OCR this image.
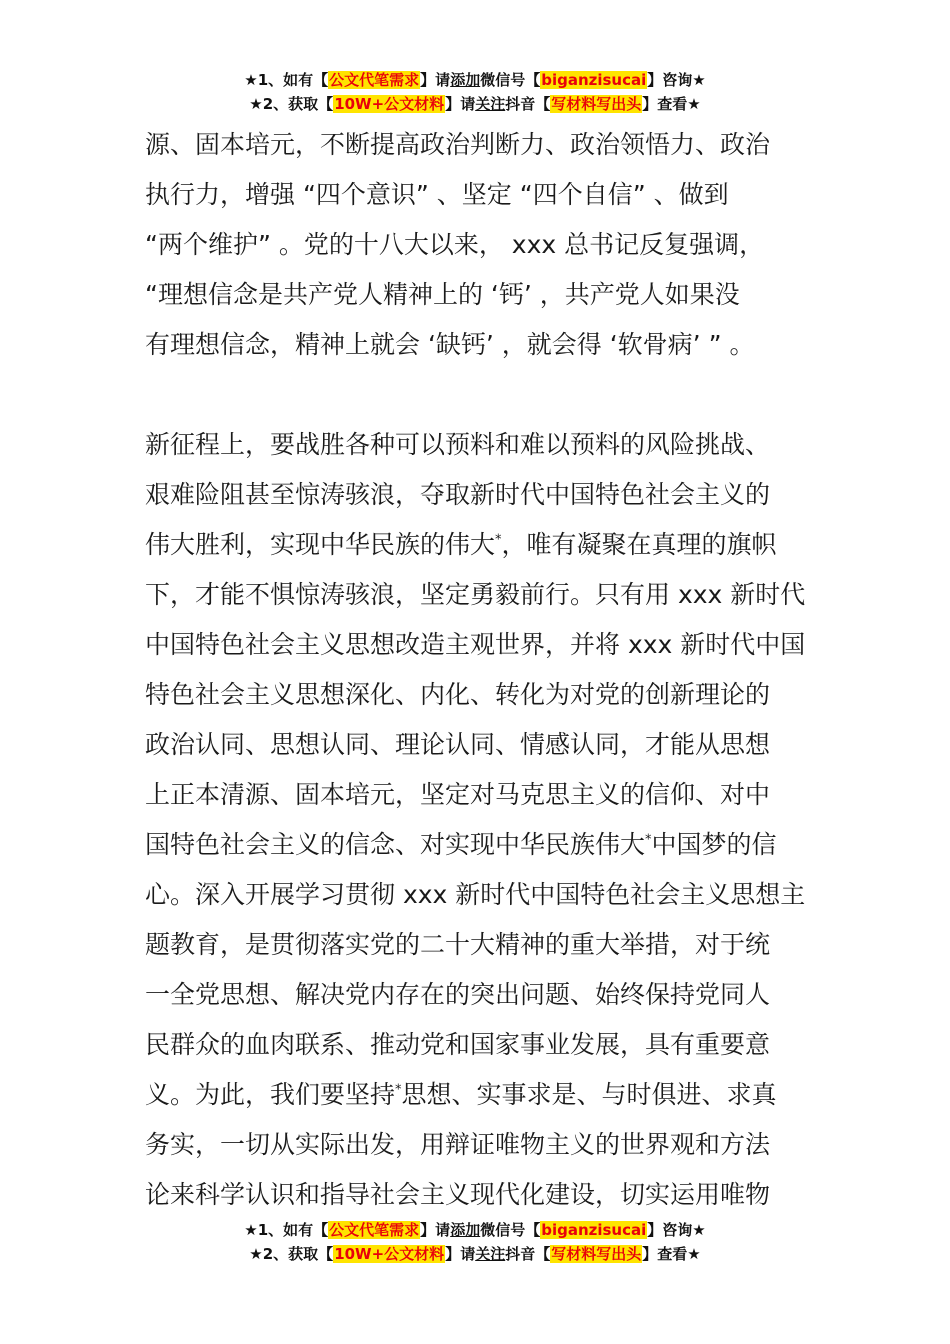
★1、如有【公文代笔需求】请添加微信号【biganzisucai】咨询★
★2、获取【10W+公文材料】请关注抖音【写材料写出头】查看★
源、固本培元，不断提高政治判断力、政治领悟力、政治
执行力，增强 “四个意识” 、坚定 “四个自信” 、做到
“两个维护” 。党的十八大以来， xxx 总书记反复强调，
“理想信念是共产党人精神上的 ‘钙’ ，共产党人如果没
有理想信念，精神上就会 ‘缺钙’ ，就会得 ‘软骨病’ ” 。
新征程上，要战胜各种可以预料和难以预料的风险挑战、
艰难险阻甚至惊涛骇浪，夺取新时代中国特色社会主义的
伟大胜利，实现中华民族的伟大*，唯有凝聚在真理的旗帜
下，才能不惧惊涛骇浪，坚定勇毅前行。只有用 xxx 新时代
中国特色社会主义思想改造主观世界，并将 xxx 新时代中国
特色社会主义思想深化、内化、转化为对党的创新理论的
政治认同、思想认同、理论认同、情感认同，才能从思想
上正本清源、固本培元，坚定对马克思主义的信仰、对中
国特色社会主义的信念、对实现中华民族伟大*中国梦的信
心。深入开展学习贯彻 xxx 新时代中国特色社会主义思想主
题教育，是贯彻落实党的二十大精神的重大举措，对于统
一全党思想、解决党内存在的突出问题、始终保持党同人
民群众的血肉联系、推动党和国家事业发展，具有重要意
义。为此，我们要坚持*思想、实事求是、与时俱进、求真
务实，一切从实际出发，用辩证唯物主义的世界观和方法
论来科学认识和指导社会主义现代化建设，切实运用唯物
★1、如有【公文代笔需求】请添加微信号【biganzisucai】咨询★
★2、获取【10W+公文材料】请关注抖音【写材料写出头】查看★
